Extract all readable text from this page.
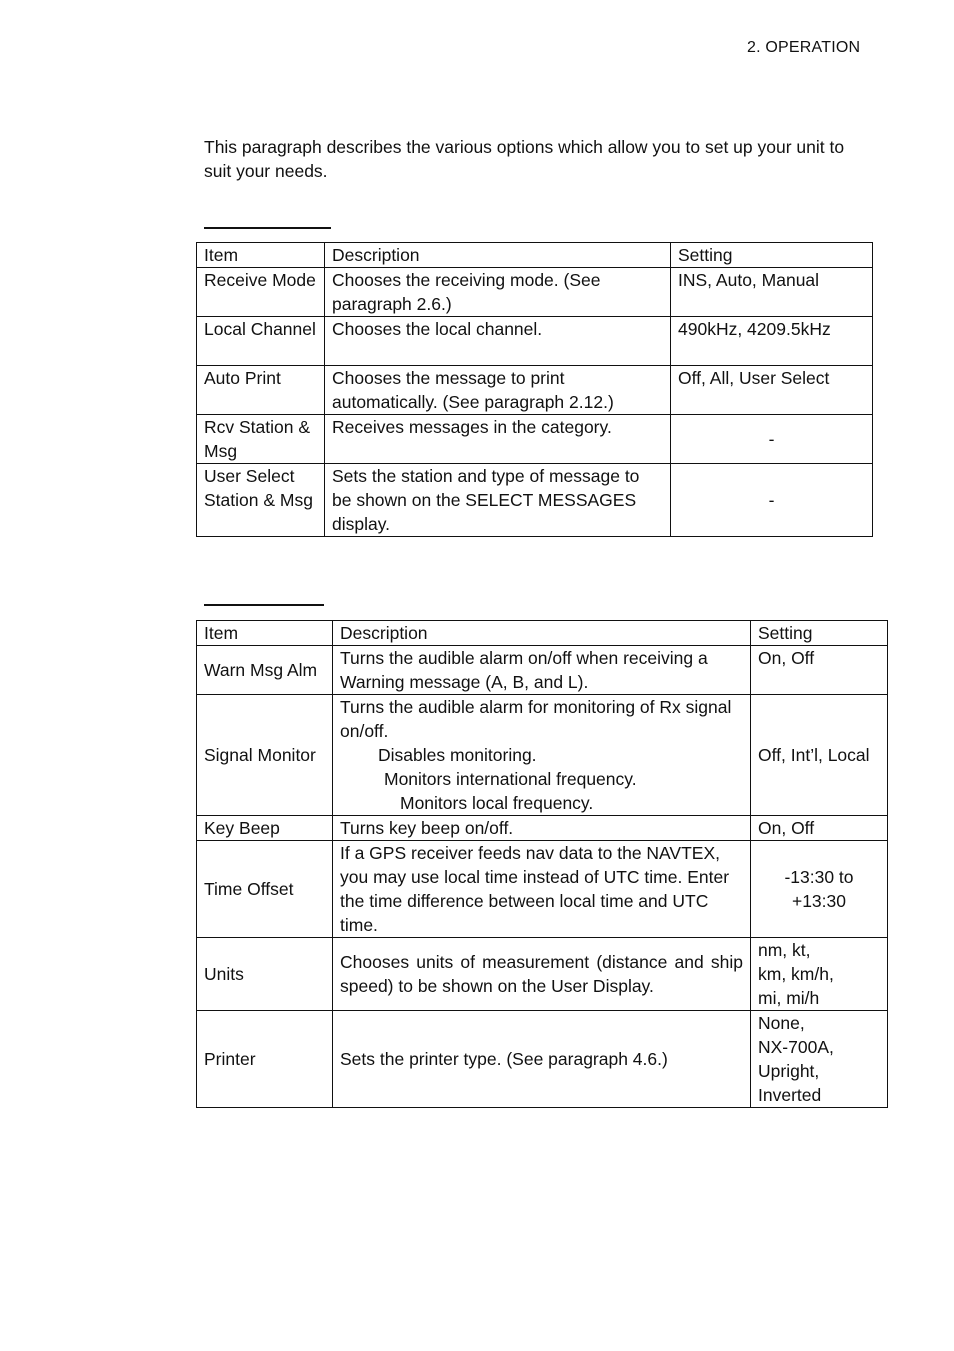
2. OPERATION
This paragraph describes the various options which allow you to set up your unit to suit your needs.
Item	Description	Setting
Receive Mode	Chooses the receiving mode. (See paragraph 2.6.)	INS, Auto, Manual
Local Channel	Chooses the local channel.	490kHz, 4209.5kHz
Auto Print	Chooses the message to print automatically. (See paragraph 2.12.)	Off, All, User Select
Rcv Station & Msg	Receives messages in the category.	-
User Select Station & Msg	Sets the station and type of message to be shown on the SELECT MESSAGES display.	-
Item	Description	Setting
Warn Msg Alm	Turns the audible alarm on/off when receiving a Warning message (A, B, and L).	On, Off
Signal Monitor	Turns the audible alarm for monitoring of Rx signal on/off.
Disables monitoring.
Monitors international frequency.
Monitors local frequency.	Off, Int’l, Local
Key Beep	Turns key beep on/off.	On, Off
Time Offset	If a GPS receiver feeds nav data to the NAVTEX, you may use local time instead of UTC time. Enter the time difference between local time and UTC time.	-13:30 to
+13:30

Units	Chooses units of measurement (distance and ship speed) to be shown on the User Display.	nm, kt,
km, km/h,
mi, mi/h

Printer	Sets the printer type. (See paragraph 4.6.)	None,
NX-700A,
Upright,
Inverted
